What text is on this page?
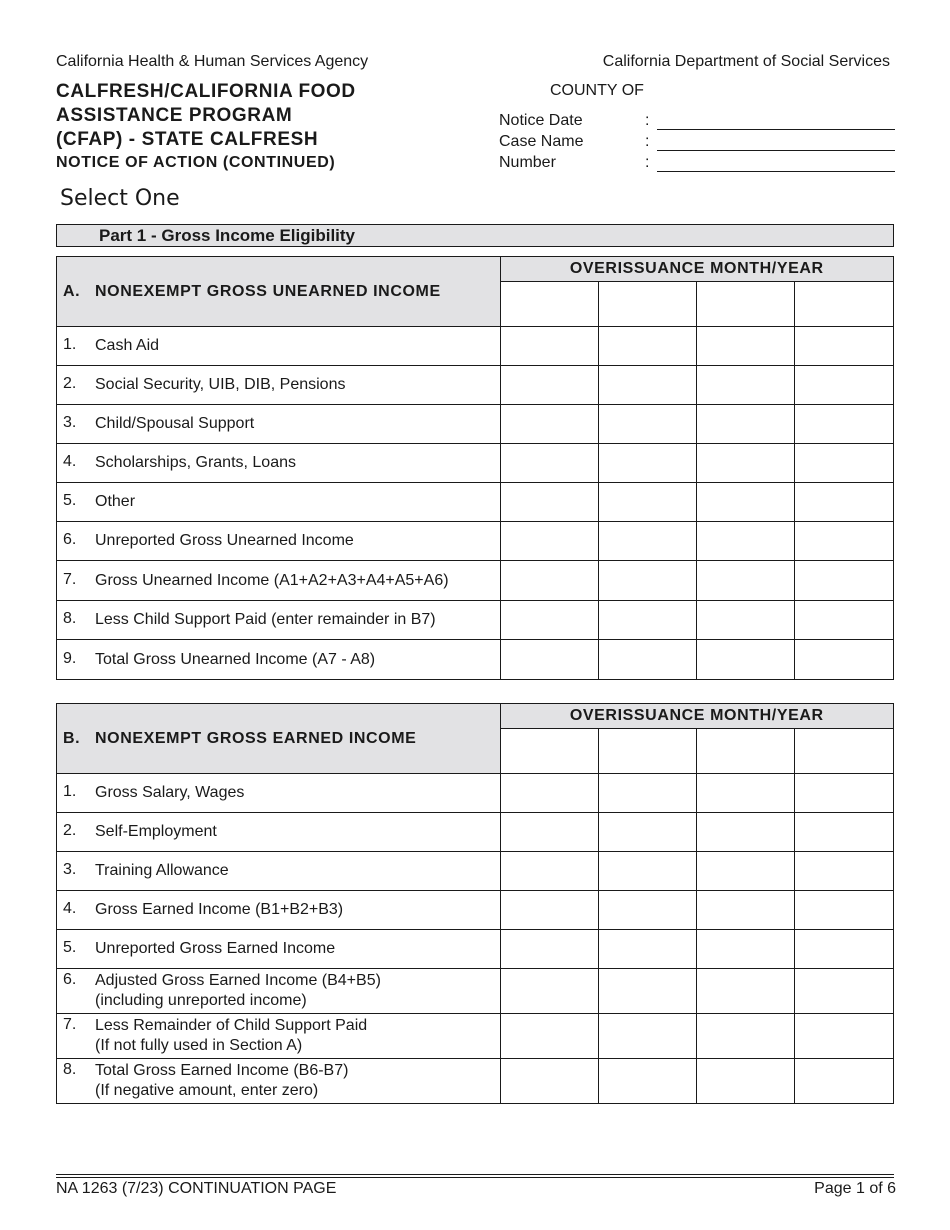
California Health & Human Services Agency	California Department of Social Services
CALFRESH/CALIFORNIA FOOD
ASSISTANCE PROGRAM
(CFAP) - STATE CALFRESH
NOTICE OF ACTION (CONTINUED)
COUNTY OF
Notice Date	:
Case Name	:
Number	:
Select One
Part 1 - Gross Income Eligibility
A. NONEXEMPT GROSS UNEARNED INCOME	OVERISSUANCE MONTH/YEAR			

1. Cash Aid				

2. Social Security, UIB, DIB, Pensions				

3. Child/Spousal Support				

4. Scholarships, Grants, Loans				

5. Other				

6. Unreported Gross Unearned Income				

7. Gross Unearned Income (A1+A2+A3+A4+A5+A6)				

8. Less Child Support Paid (enter remainder in B7)				

9. Total Gross Unearned Income (A7 - A8)				

B. NONEXEMPT GROSS EARNED INCOME	OVERISSUANCE MONTH/YEAR			

1. Gross Salary, Wages				

2. Self-Employment				

3. Training Allowance				

4. Gross Earned Income (B1+B2+B3)				

5. Unreported Gross Earned Income				

6. Adjusted Gross Earned Income (B4+B5)
(including unreported income)				

7. Less Remainder of Child Support Paid
(If not fully used in Section A)				

8. Total Gross Earned Income (B6-B7)
(If negative amount, enter zero)				

NA 1263 (7/23) CONTINUATION PAGE	Page 1 of 6
